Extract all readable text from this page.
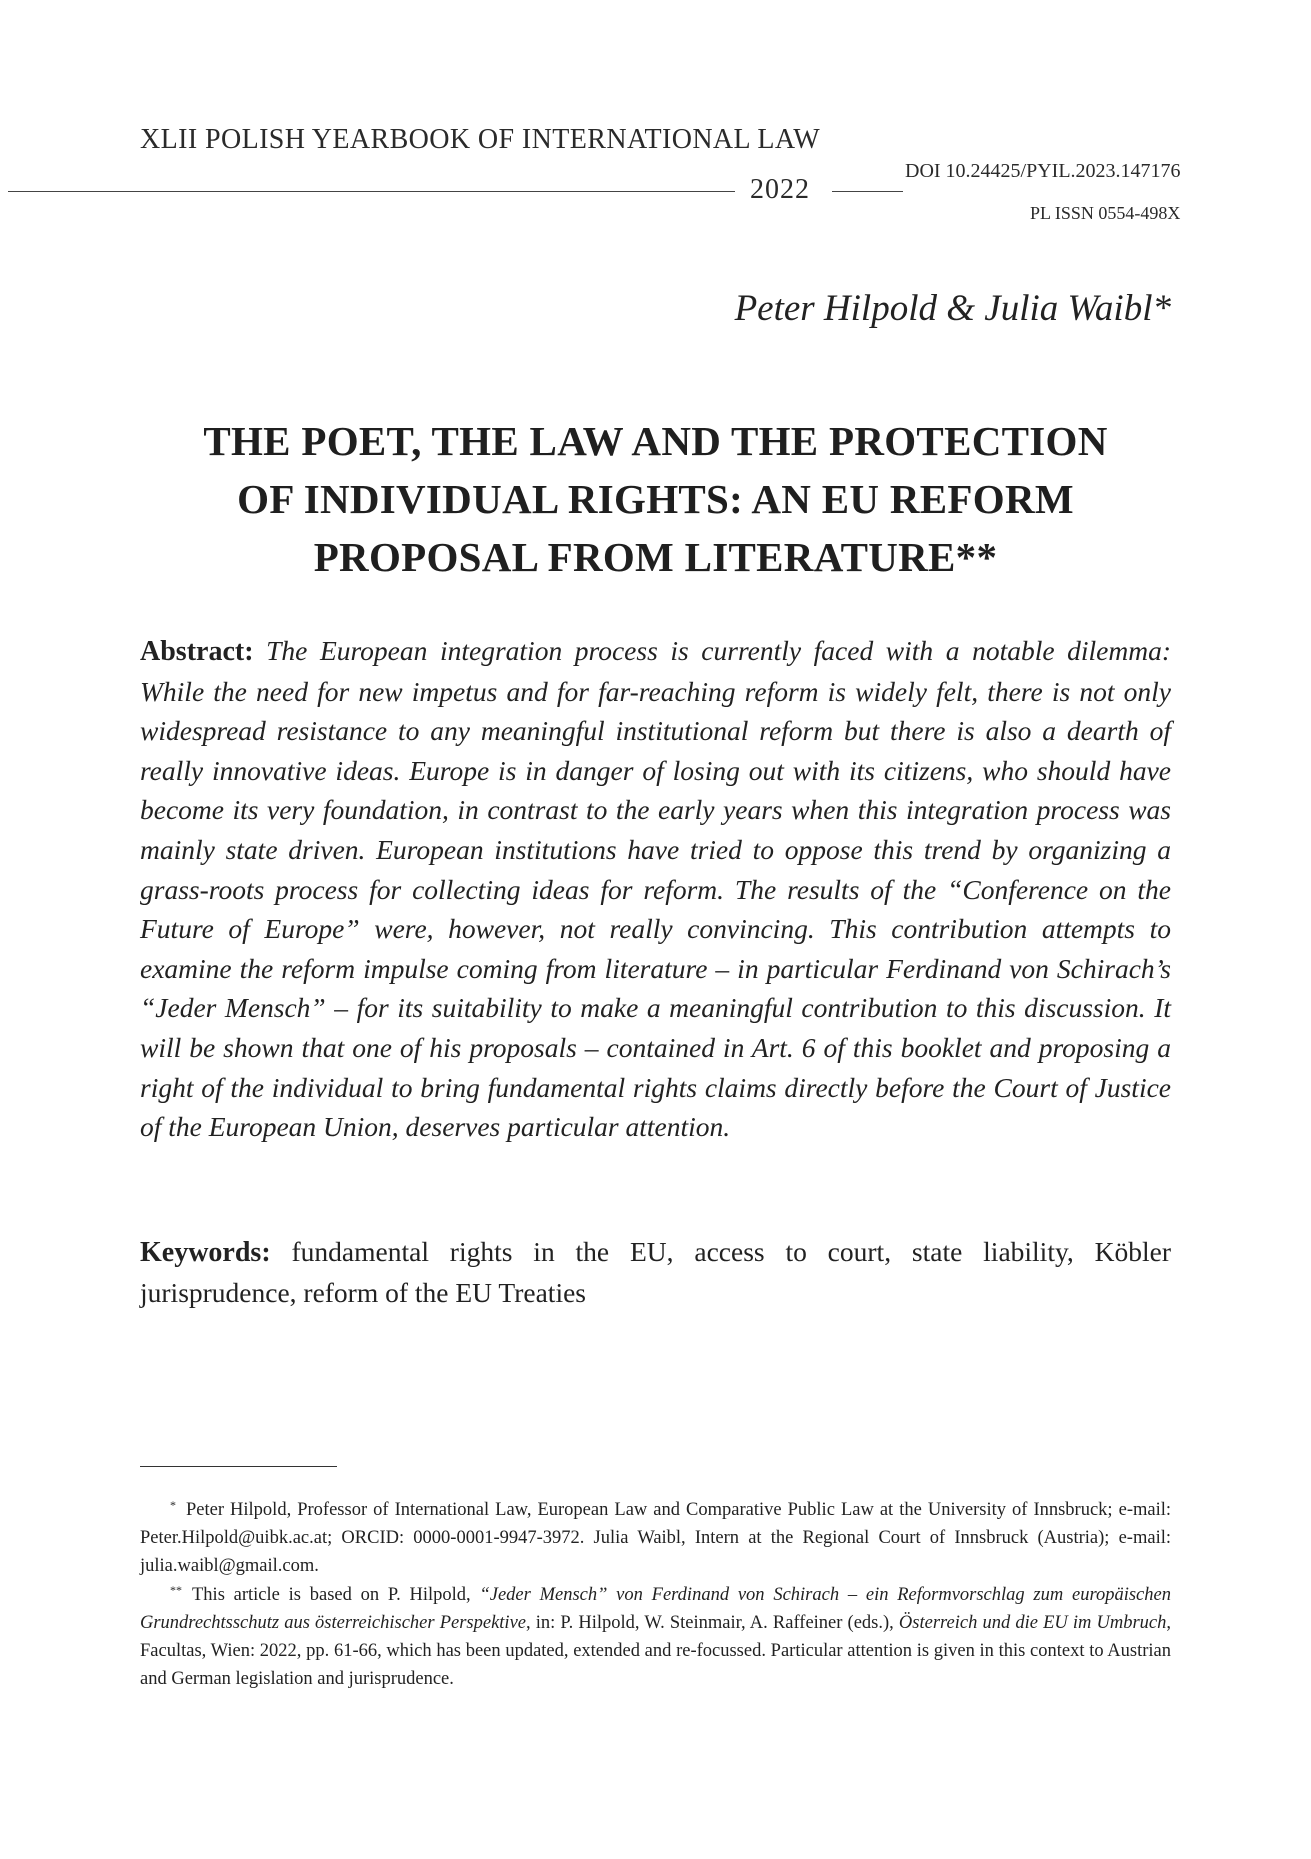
XLII POLISH YEARBOOK OF INTERNATIONAL LAW
2022
DOI 10.24425/PYIL.2023.147176
PL ISSN 0554-498X
Peter Hilpold & Julia Waibl*
THE POET, THE LAW AND THE PROTECTION
OF INDIVIDUAL RIGHTS: AN EU REFORM
PROPOSAL FROM LITERATURE**
Abstract: The European integration process is currently faced with a notable dilemma: While the need for new impetus and for far-reaching reform is widely felt, there is not only widespread resistance to any meaningful institutional reform but there is also a dearth of really innovative ideas. Europe is in danger of losing out with its citizens, who should have become its very foundation, in contrast to the early years when this integration process was mainly state driven. European institutions have tried to oppose this trend by organizing a grass-roots process for collecting ideas for reform. The results of the “Conference on the Future of Europe” were, however, not really convincing. This contribution attempts to examine the reform impulse coming from literature – in particular Ferdinand von Schirach’s “Jeder Mensch” – for its suitability to make a meaningful contribution to this discussion. It will be shown that one of his proposals – contained in Art. 6 of this booklet and proposing a right of the individual to bring fundamental rights claims directly before the Court of Justice of the European Union, deserves particular attention.
Keywords: fundamental rights in the EU, access to court, state liability, Köbler jurisprudence, reform of the EU Treaties
* Peter Hilpold, Professor of International Law, European Law and Comparative Public Law at the University of Innsbruck; e-mail: Peter.Hilpold@uibk.ac.at; ORCID: 0000-0001-9947-3972. Julia Waibl, Intern at the Regional Court of Innsbruck (Austria); e-mail: julia.waibl@gmail.com.
** This article is based on P. Hilpold, “Jeder Mensch” von Ferdinand von Schirach – ein Reformvorschlag zum europäischen Grundrechtsschutz aus österreichischer Perspektive, in: P. Hilpold, W. Steinmair, A. Raffeiner (eds.), Österreich und die EU im Umbruch, Facultas, Wien: 2022, pp. 61-66, which has been updated, extended and re-focussed. Particular attention is given in this context to Austrian and German legislation and jurisprudence.
